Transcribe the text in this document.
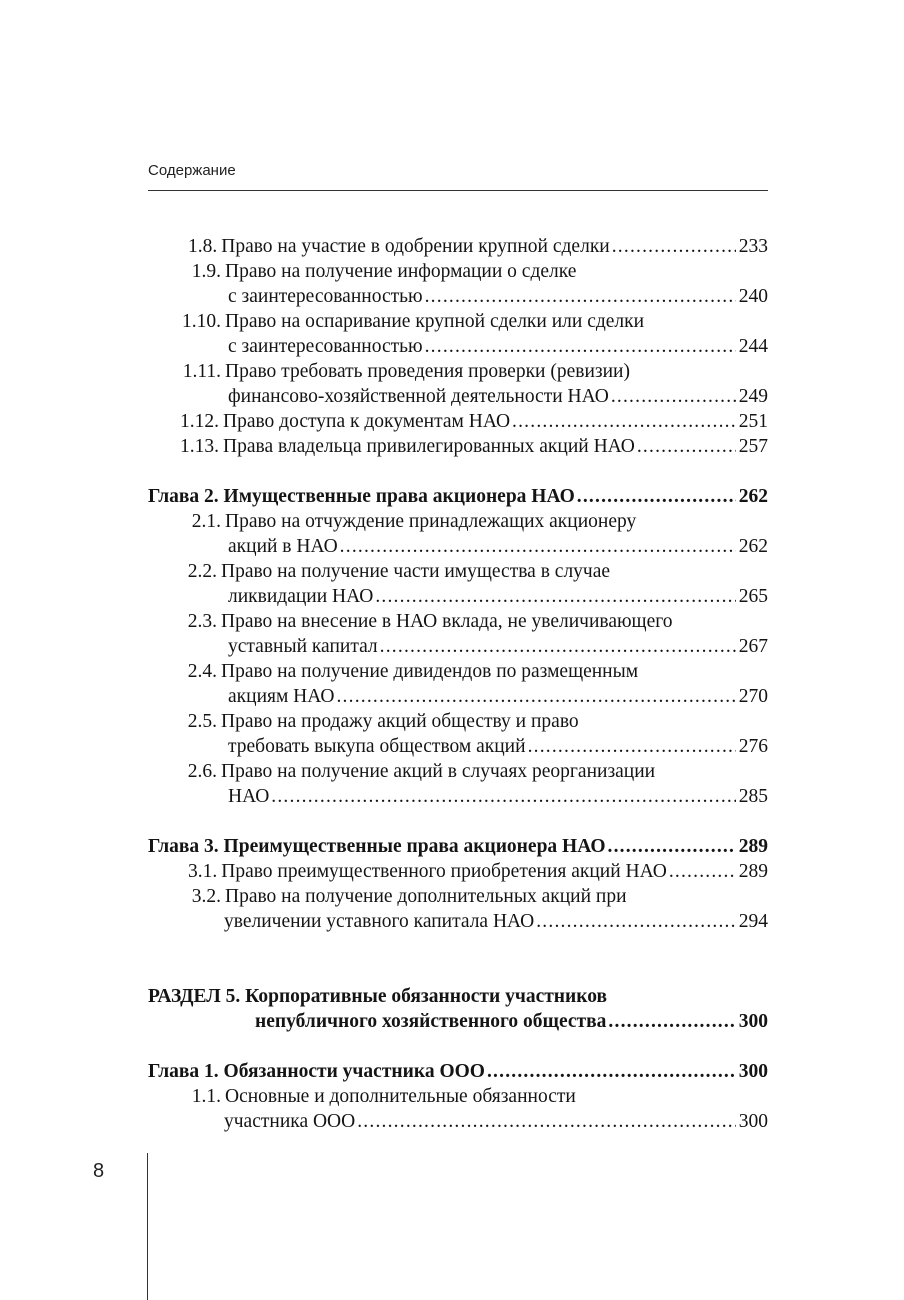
Содержание
1.8. Право на участие в одобрении крупной сделки .....	233
1.9. Право на получение информации о сделке
с заинтересованностью .....	240
1.10. Право на оспаривание крупной сделки или сделки
с заинтересованностью .....	244
1.11. Право требовать проведения проверки (ревизии)
финансово-хозяйственной деятельности НАО .....	249
1.12. Право доступа к документам НАО .....	251
1.13. Права владельца привилегированных акций НАО .....	257
Глава 2. Имущественные права акционера НАО .....	262
2.1. Право на отчуждение принадлежащих акционеру
акций в НАО .....	262
2.2. Право на получение части имущества в случае
ликвидации НАО .....	265
2.3. Право на внесение в НАО вклада, не увеличивающего
уставный капитал .....	267
2.4. Право на получение дивидендов по размещенным
акциям НАО .....	270
2.5. Право на продажу акций обществу и право
требовать выкупа обществом акций .....	276
2.6. Право на получение акций в случаях реорганизации
НАО .....	285
Глава 3. Преимущественные права акционера НАО .....	289
3.1. Право преимущественного приобретения акций НАО .....	289
3.2. Право на получение дополнительных акций при
увеличении уставного капитала НАО .....	294
РАЗДЕЛ 5. Корпоративные обязанности участников
непубличного хозяйственного общества .....	300
Глава 1. Обязанности участника ООО .....	300
1.1. Основные и дополнительные обязанности
участника ООО .....	300
8
